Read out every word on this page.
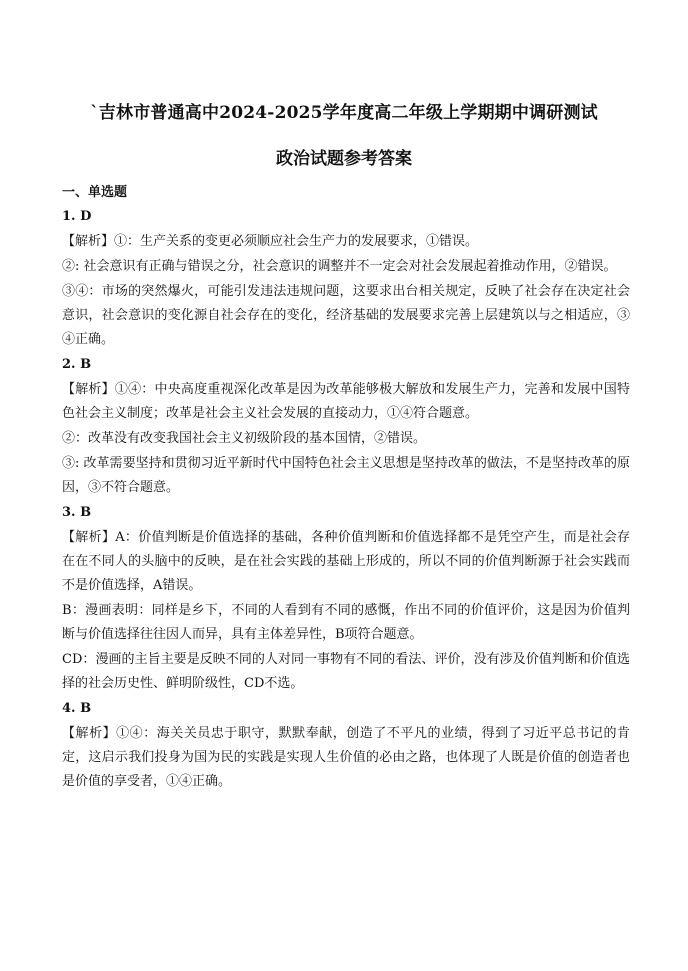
`吉林市普通高中2024-2025学年度高二年级上学期期中调研测试
政治试题参考答案
一、单选题
1. D

【解析】①：生产关系的变更必须顺应社会生产力的发展要求，①错误。

②: 社会意识有正确与错误之分，社会意识的调整并不一定会对社会发展起着推动作用，②错误。

③④：市场的突然爆火，可能引发违法违规问题，这要求出台相关规定，反映了社会存在决定社会意识，社会意识的变化源自社会存在的变化，经济基础的发展要求完善上层建筑以与之相适应，③④正确。

2. B

【解析】①④：中央高度重视深化改革是因为改革能够极大解放和发展生产力，完善和发展中国特色社会主义制度；改革是社会主义社会发展的直接动力，①④符合题意。

②：改革没有改变我国社会主义初级阶段的基本国情，②错误。

③: 改革需要坚持和贯彻习近平新时代中国特色社会主义思想是坚持改革的做法，不是坚持改革的原因，③不符合题意。

3. B

【解析】A：价值判断是价值选择的基础，各种价值判断和价值选择都不是凭空产生，而是社会存在在不同人的头脑中的反映，是在社会实践的基础上形成的，所以不同的价值判断源于社会实践而不是价值选择，A错误。

B：漫画表明：同样是乡下，不同的人看到有不同的感慨，作出不同的价值评价，这是因为价值判断与价值选择往往因人而异，具有主体差异性，B项符合题意。

CD：漫画的主旨主要是反映不同的人对同一事物有不同的看法、评价，没有涉及价值判断和价值选择的社会历史性、鲜明阶级性，CD不选。

4. B

【解析】①④：海关关员忠于职守，默默奉献，创造了不平凡的业绩，得到了习近平总书记的肯定，这启示我们投身为国为民的实践是实现人生价值的必由之路，也体现了人既是价值的创造者也是价值的享受者，①④正确。
